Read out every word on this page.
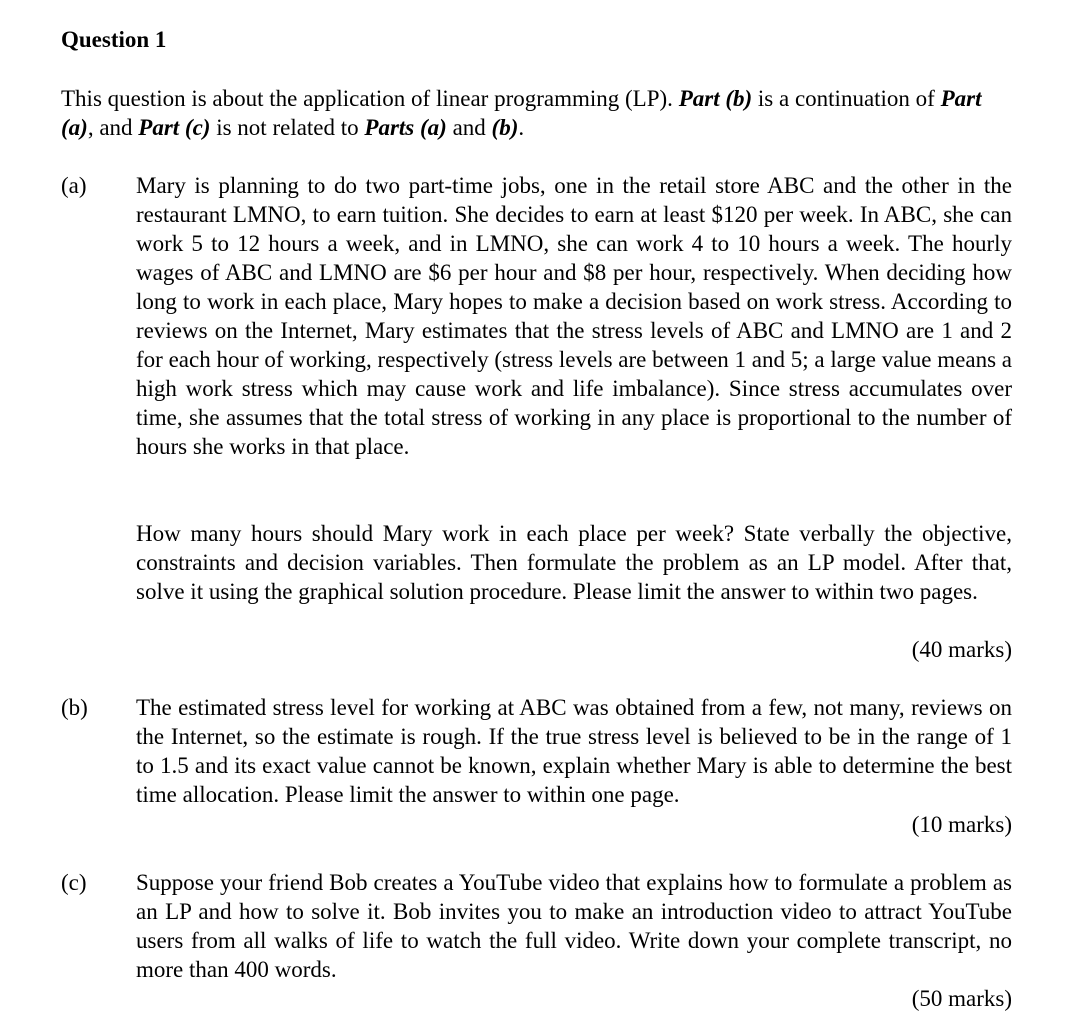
Question 1
This question is about the application of linear programming (LP). Part (b) is a continuation of Part (a), and Part (c) is not related to Parts (a) and (b).
(a) Mary is planning to do two part-time jobs, one in the retail store ABC and the other in the restaurant LMNO, to earn tuition. She decides to earn at least $120 per week. In ABC, she can work 5 to 12 hours a week, and in LMNO, she can work 4 to 10 hours a week. The hourly wages of ABC and LMNO are $6 per hour and $8 per hour, respectively. When deciding how long to work in each place, Mary hopes to make a decision based on work stress. According to reviews on the Internet, Mary estimates that the stress levels of ABC and LMNO are 1 and 2 for each hour of working, respectively (stress levels are between 1 and 5; a large value means a high work stress which may cause work and life imbalance). Since stress accumulates over time, she assumes that the total stress of working in any place is proportional to the number of hours she works in that place.
How many hours should Mary work in each place per week? State verbally the objective, constraints and decision variables. Then formulate the problem as an LP model. After that, solve it using the graphical solution procedure. Please limit the answer to within two pages.
(40 marks)
(b) The estimated stress level for working at ABC was obtained from a few, not many, reviews on the Internet, so the estimate is rough. If the true stress level is believed to be in the range of 1 to 1.5 and its exact value cannot be known, explain whether Mary is able to determine the best time allocation. Please limit the answer to within one page.
(10 marks)
(c) Suppose your friend Bob creates a YouTube video that explains how to formulate a problem as an LP and how to solve it. Bob invites you to make an introduction video to attract YouTube users from all walks of life to watch the full video. Write down your complete transcript, no more than 400 words.
(50 marks)
